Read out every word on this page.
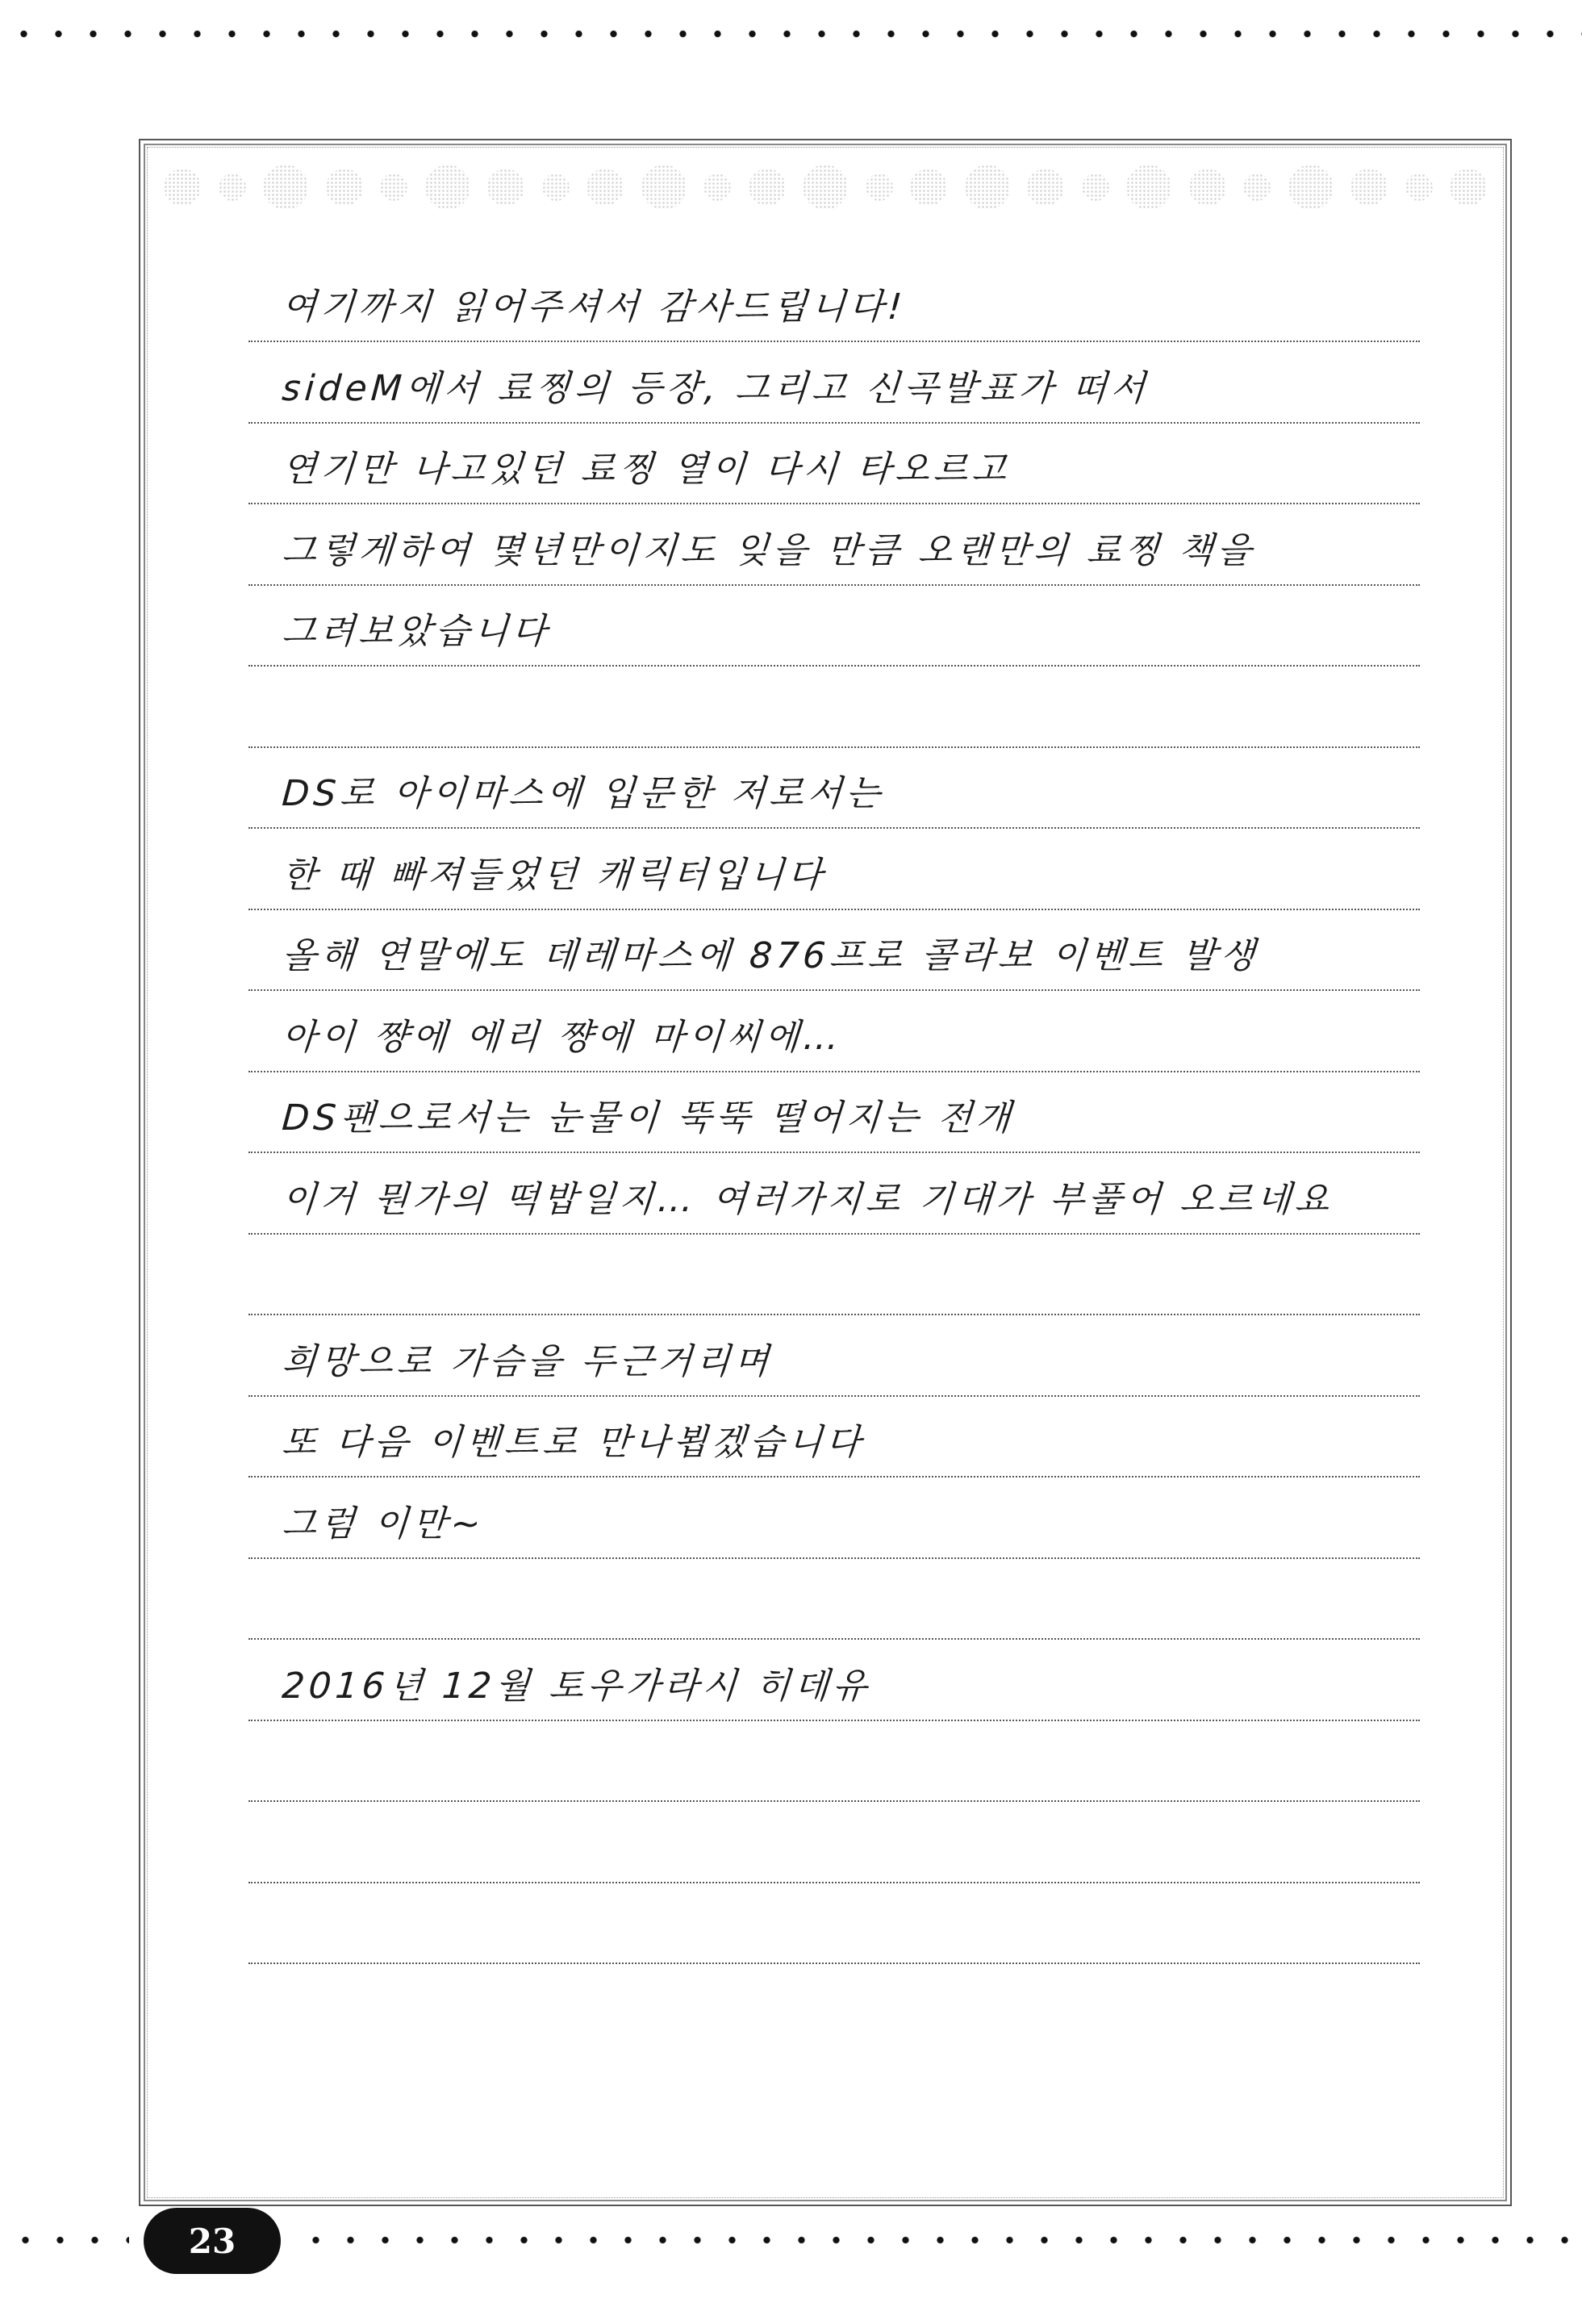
여기까지 읽어주셔서 감사드립니다!
sideM에서 료찡의 등장, 그리고 신곡발표가 떠서
연기만 나고있던 료찡 열이 다시 타오르고
그렇게하여 몇년만이지도 잊을 만큼 오랜만의 료찡 책을
그려보았습니다
DS로 아이마스에 입문한 저로서는
한 때 빠져들었던 캐릭터입니다
올해 연말에도 데레마스에 876프로 콜라보 이벤트 발생
아이 쨩에 에리 쨩에 마이씨에…
DS팬으로서는 눈물이 뚝뚝 떨어지는 전개
이거 뭔가의 떡밥일지… 여러가지로 기대가 부풀어 오르네요
희망으로 가슴을 두근거리며
또 다음 이벤트로 만나뵙겠습니다
그럼 이만~
2016년 12월 토우가라시 히데유
23
